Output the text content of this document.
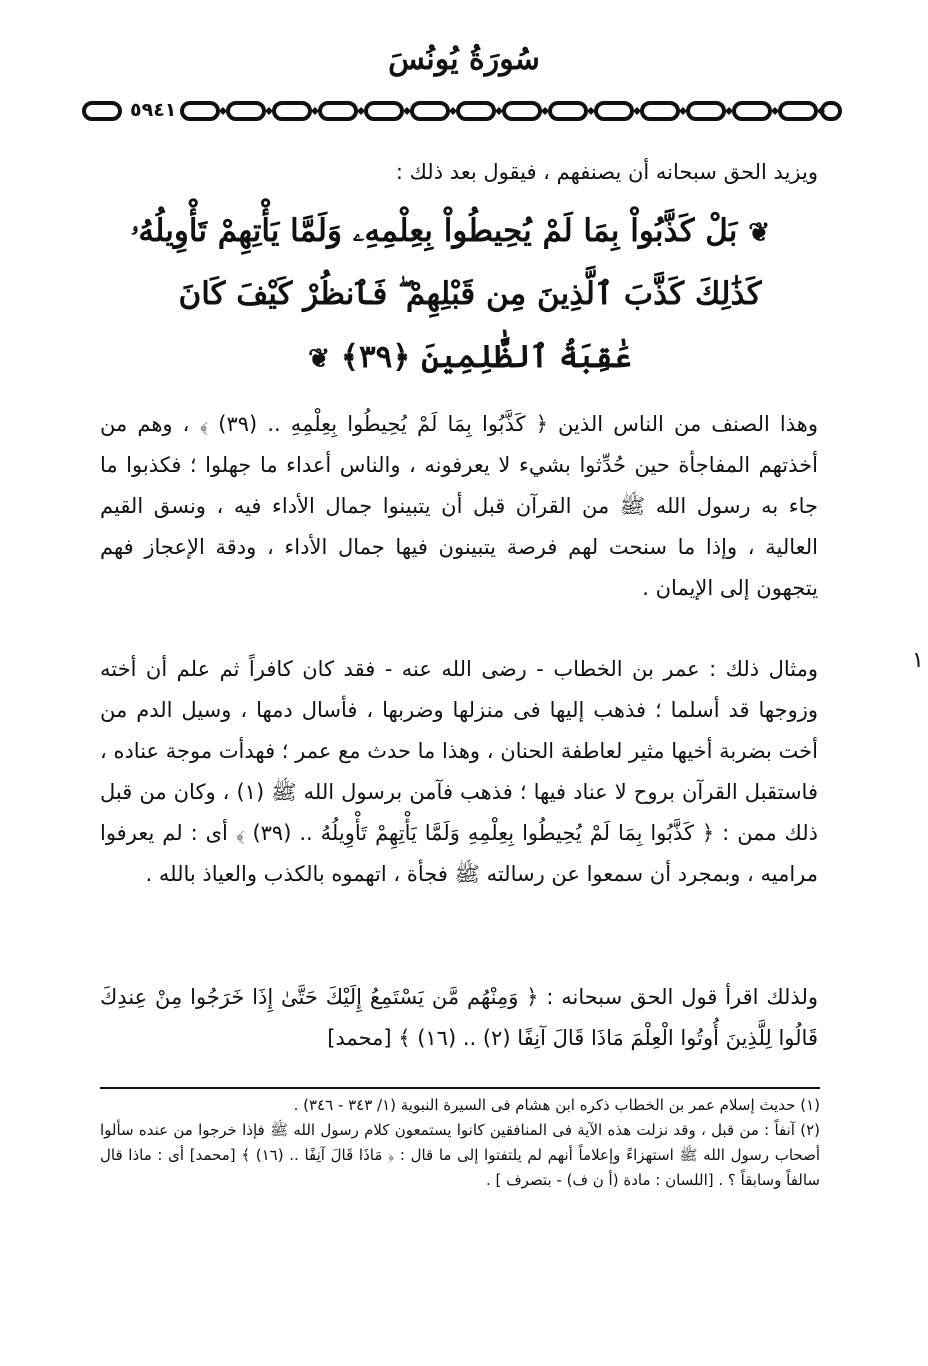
سُورَةُ يُونُسَ
٥٩٤١
ويزيد الحق سبحانه أن يصنفهم ، فيقول بعد ذلك :
❦ بَلْ كَذَّبُواْ بِمَا لَمْ يُحِيطُواْ بِعِلْمِهِۦ وَلَمَّا يَأْتِهِمْ تَأْوِيلُهُۥ
كَذَٰلِكَ كَذَّبَ ٱلَّذِينَ مِن قَبْلِهِمْ ۖ فَٱنظُرْ كَيْفَ كَانَ
عَٰقِبَةُ ٱلظَّٰلِمِينَ ﴿٣٩﴾ ❦
وهذا الصنف من الناس الذين ﴿ كَذَّبُوا بِمَا لَمْ يُحِيطُوا بِعِلْمِهِ .. (٣٩) ﴾ ، وهم من أخذتهم المفاجأة حين حُدِّثوا بشيء لا يعرفونه ، والناس أعداء ما جهلوا ؛ فكذبوا ما جاء به رسول الله ﷺ من القرآن قبل أن يتبينوا جمال الأداء فيه ، ونسق القيم العالية ، وإذا ما سنحت لهم فرصة يتبينون فيها جمال الأداء ، ودقة الإعجاز فهم يتجهون إلى الإيمان .
ومثال ذلك : عمر بن الخطاب - رضى الله عنه - فقد كان كافراً ثم علم أن أخته وزوجها قد أسلما ؛ فذهب إليها فى منزلها وضربها ، فأسال دمها ، وسيل الدم من أخت بضربة أخيها مثير لعاطفة الحنان ، وهذا ما حدث مع عمر ؛ فهدأت موجة عناده ، فاستقبل القرآن بروح لا عناد فيها ؛ فذهب فآمن برسول الله ﷺ (١) ، وكان من قبل ذلك ممن : ﴿ كَذَّبُوا بِمَا لَمْ يُحِيطُوا بِعِلْمِهِ وَلَمَّا يَأْتِهِمْ تَأْوِيلُهُ .. (٣٩) ﴾ أى : لم يعرفوا مراميه ، وبمجرد أن سمعوا عن رسالته ﷺ فجأة ، اتهموه بالكذب والعياذ بالله .
ولذلك اقرأ قول الحق سبحانه : ﴿ وَمِنْهُم مَّن يَسْتَمِعُ إِلَيْكَ حَتَّىٰ إِذَا خَرَجُوا مِنْ عِندِكَ قَالُوا لِلَّذِينَ أُوتُوا الْعِلْمَ مَاذَا قَالَ آنِفًا (٢) .. (١٦) ﴾ [محمد]
١

(١) حديث إسلام عمر بن الخطاب ذكره ابن هشام فى السيرة النبوية (١/ ٣٤٣ - ٣٤٦) .

(٢) آنفاً : من قبل ، وقد نزلت هذه الآية فى المنافقين كانوا يستمعون كلام رسول الله ﷺ فإذا خرجوا من عنده سألوا أصحاب رسول الله ﷺ استهزاءً وإعلاماً أنهم لم يلتفتوا إلى ما قال : ﴿ مَاذَا قَالَ آنِفًا .. (١٦) ﴾ [محمد] أى : ماذا قال سالفاً وسابقاً ؟ . [اللسان : مادة (أ ن ف) - بتصرف ] .
